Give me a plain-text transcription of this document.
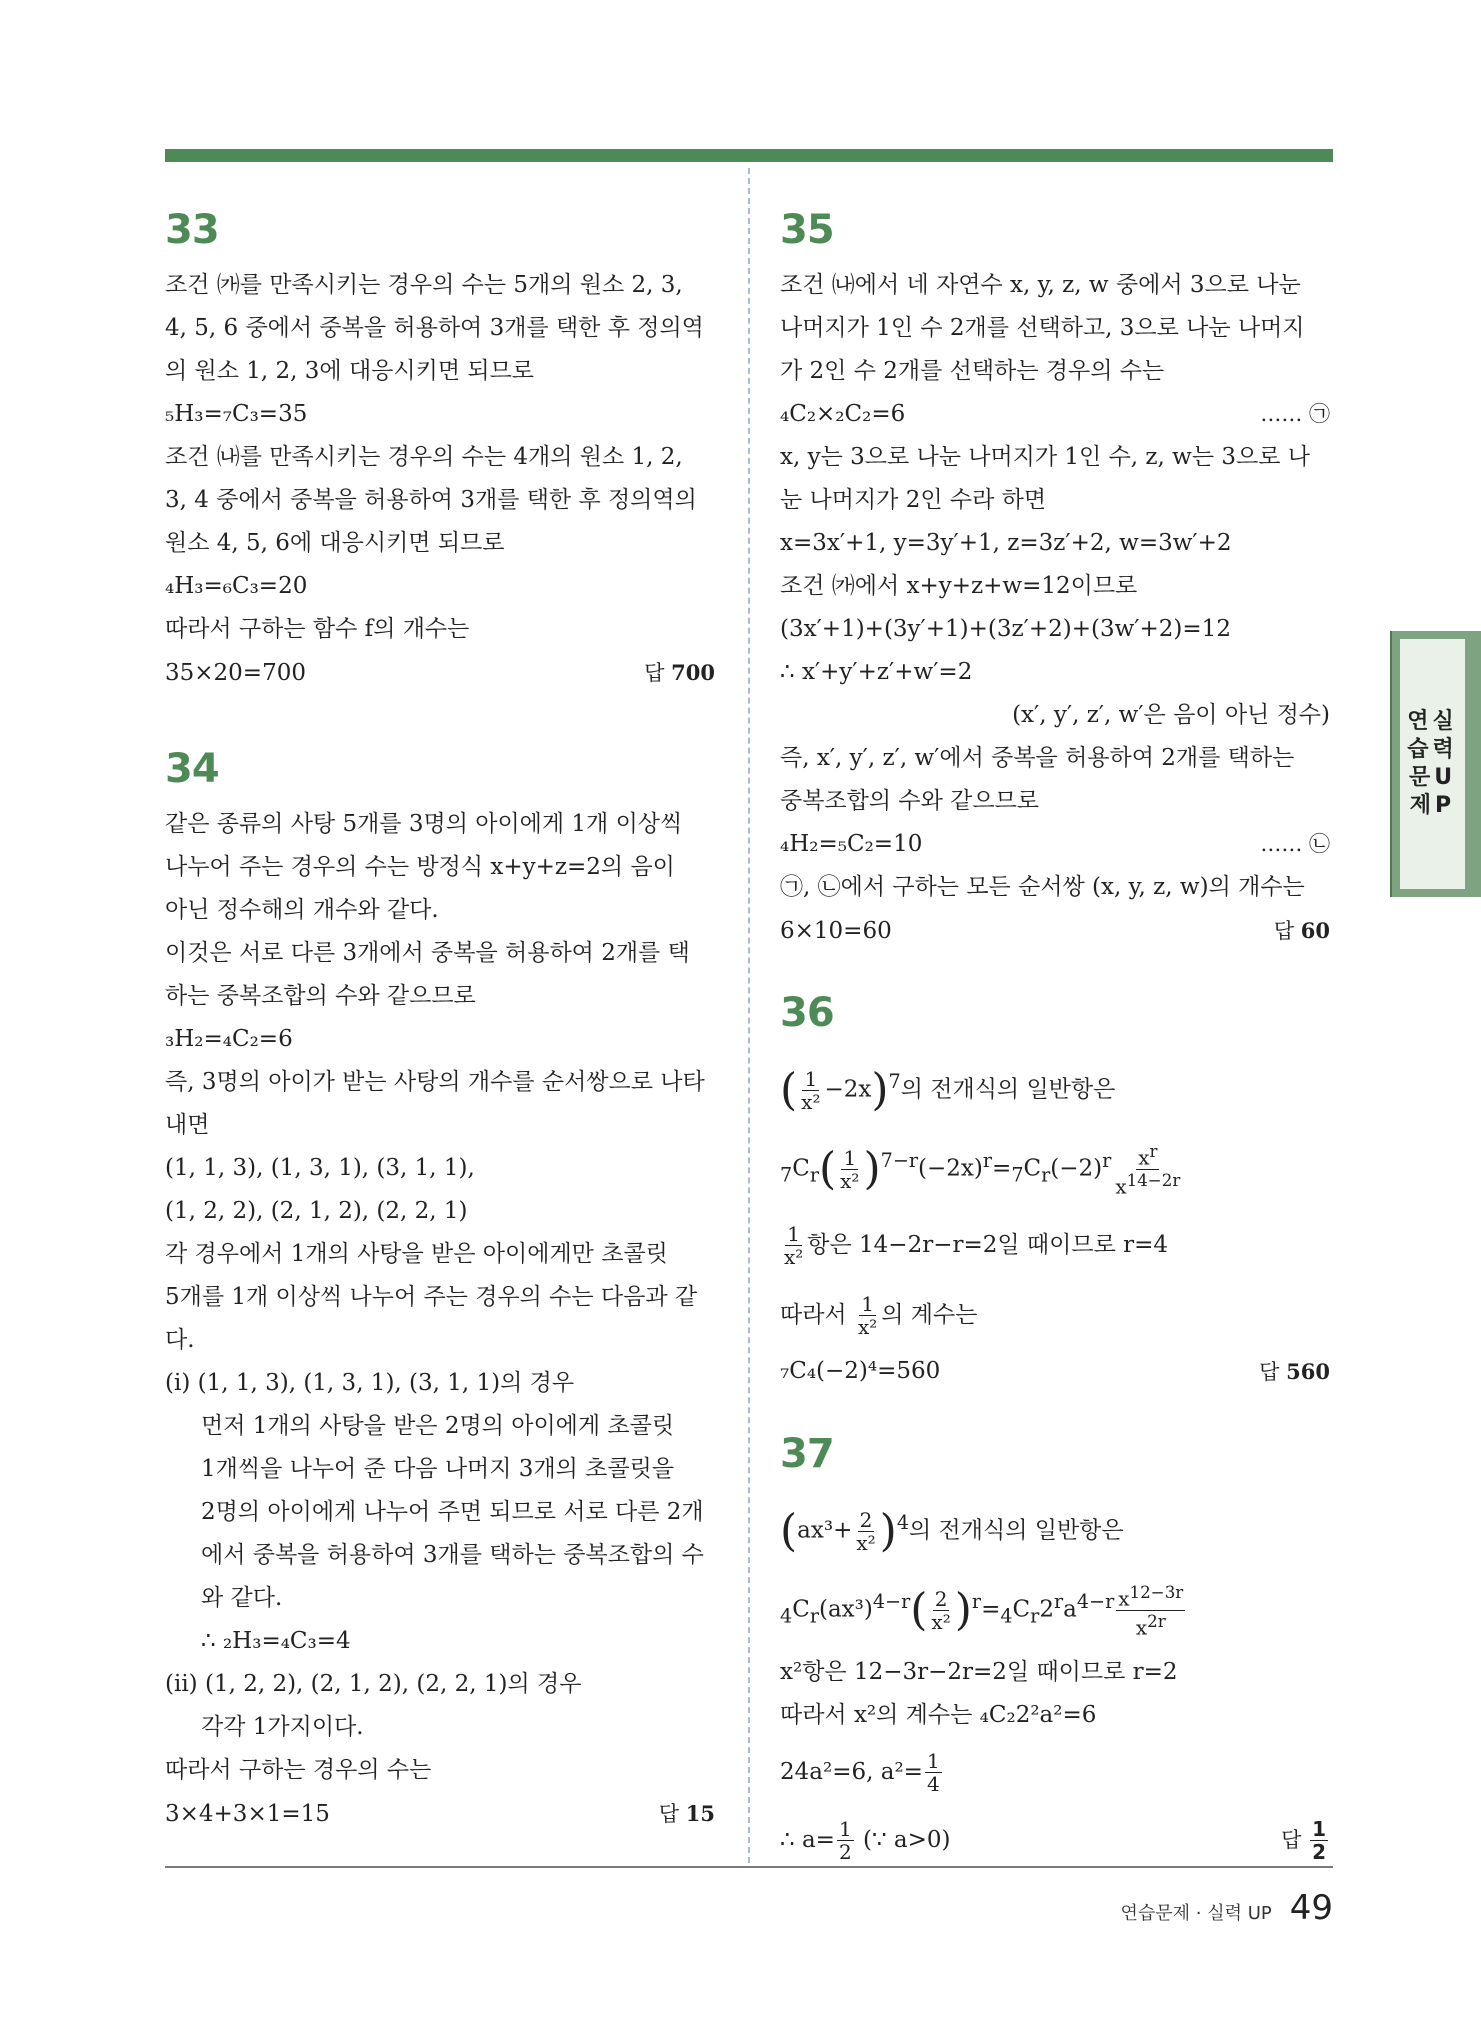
33
조건 ㈎를 만족시키는 경우의 수는 5개의 원소 2, 3,
4, 5, 6 중에서 중복을 허용하여 3개를 택한 후 정의역
의 원소 1, 2, 3에 대응시키면 되므로
₅H₃=₇C₃=35
조건 ㈏를 만족시키는 경우의 수는 4개의 원소 1, 2,
3, 4 중에서 중복을 허용하여 3개를 택한 후 정의역의
원소 4, 5, 6에 대응시키면 되므로
₄H₃=₆C₃=20
따라서 구하는 함수 f의 개수는
35×20=700	답 700
34
같은 종류의 사탕 5개를 3명의 아이에게 1개 이상씩
나누어 주는 경우의 수는 방정식 x+y+z=2의 음이
아닌 정수해의 개수와 같다.
이것은 서로 다른 3개에서 중복을 허용하여 2개를 택
하는 중복조합의 수와 같으므로
₃H₂=₄C₂=6
즉, 3명의 아이가 받는 사탕의 개수를 순서쌍으로 나타
내면
(1, 1, 3), (1, 3, 1), (3, 1, 1),
(1, 2, 2), (2, 1, 2), (2, 2, 1)
각 경우에서 1개의 사탕을 받은 아이에게만 초콜릿
5개를 1개 이상씩 나누어 주는 경우의 수는 다음과 같
다.
(ⅰ) (1, 1, 3), (1, 3, 1), (3, 1, 1)의 경우
먼저 1개의 사탕을 받은 2명의 아이에게 초콜릿
1개씩을 나누어 준 다음 나머지 3개의 초콜릿을
2명의 아이에게 나누어 주면 되므로 서로 다른 2개
에서 중복을 허용하여 3개를 택하는 중복조합의 수
와 같다.
∴ ₂H₃=₄C₃=4
(ⅱ) (1, 2, 2), (2, 1, 2), (2, 2, 1)의 경우
각각 1가지이다.
따라서 구하는 경우의 수는
3×4+3×1=15	답 15
35
조건 ㈏에서 네 자연수 x, y, z, w 중에서 3으로 나눈
나머지가 1인 수 2개를 선택하고, 3으로 나눈 나머지
가 2인 수 2개를 선택하는 경우의 수는
₄C₂×₂C₂=6	…… ㉠
x, y는 3으로 나눈 나머지가 1인 수, z, w는 3으로 나
눈 나머지가 2인 수라 하면
x=3x′+1, y=3y′+1, z=3z′+2, w=3w′+2
조건 ㈎에서 x+y+z+w=12이므로
(3x′+1)+(3y′+1)+(3z′+2)+(3w′+2)=12
∴ x′+y′+z′+w′=2
(x′, y′, z′, w′은 음이 아닌 정수)
즉, x′, y′, z′, w′에서 중복을 허용하여 2개를 택하는
중복조합의 수와 같으므로
₄H₂=₅C₂=10	…… ㉡
㉠, ㉡에서 구하는 모든 순서쌍 (x, y, z, w)의 개수는
6×10=60	답 60
36
( $\frac{1}{\text{x²}} -2x)^7$의 전개식의 일반항은
$_7C_r( \frac{1}{\text{x²}} )^{7-r}(-2x)^r=_7C_r(-2)^r \frac{x^r}{x^{14-2r}}$
$\frac{1}{\text{x²}}$ 항은 14−2r−r=2일 때이므로 r=4
따라서 $\frac{1}{\text{x²}}$ 의 계수는
₇C₄(−2)⁴=560	답 560
37
$(ax^3+ \frac{2}{\text{x²}} )^4$의 전개식의 일반항은
$_4C_r(ax^3)^{4-r}( \frac{2}{\text{x²}} )^r=_4C_r2^ra^{4-r} \frac{x^{12-3r}}{x^{2r}}$
x²항은 12−3r−2r=2일 때이므로 r=2
따라서 x²의 계수는 ₄C₂2²a²=6
24a²=6, $a^2= \frac{1}{4}$
∴ $a= \frac{1}{2}$ (∵ a>0)	답 $\frac{1}{2}$
연실
습력
문U
제P
연습문제 · 실력 UP 49
